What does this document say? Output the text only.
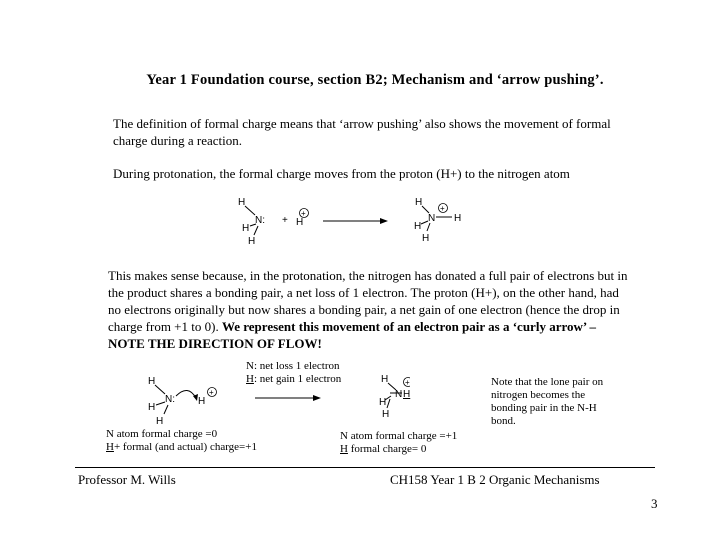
Year 1 Foundation course, section B2; Mechanism and ‘arrow pushing’.
The definition of formal charge means that ‘arrow pushing’ also shows the movement of formal charge during a reaction.
During protonation, the formal charge moves from the proton (H+) to the nitrogen atom
H
N:
H
H
+ H
+
H
N
+
H
H
H
This makes sense because, in the protonation, the nitrogen has donated a full pair of electrons but in the product shares a bonding pair, a net loss of 1 electron. The proton (H+), on the other hand, had no electrons originally but now shares a bonding pair, a net gain of one electron (hence the drop in charge from +1 to 0). We represent this movement of an electron pair as a ‘curly arrow’ – NOTE THE DIRECTION OF FLOW!
H
N:
H
H
H
+
H
N
+
H
H
H
N: net loss 1 electron
H: net gain 1 electron	Note that the lone pair on nitrogen becomes the bonding pair in the N-H bond.
N atom formal charge =0
H+ formal (and actual) charge=+1
N atom formal charge =+1
H formal charge= 0
Professor M. Wills	CH158 Year 1 B 2 Organic Mechanisms
3
